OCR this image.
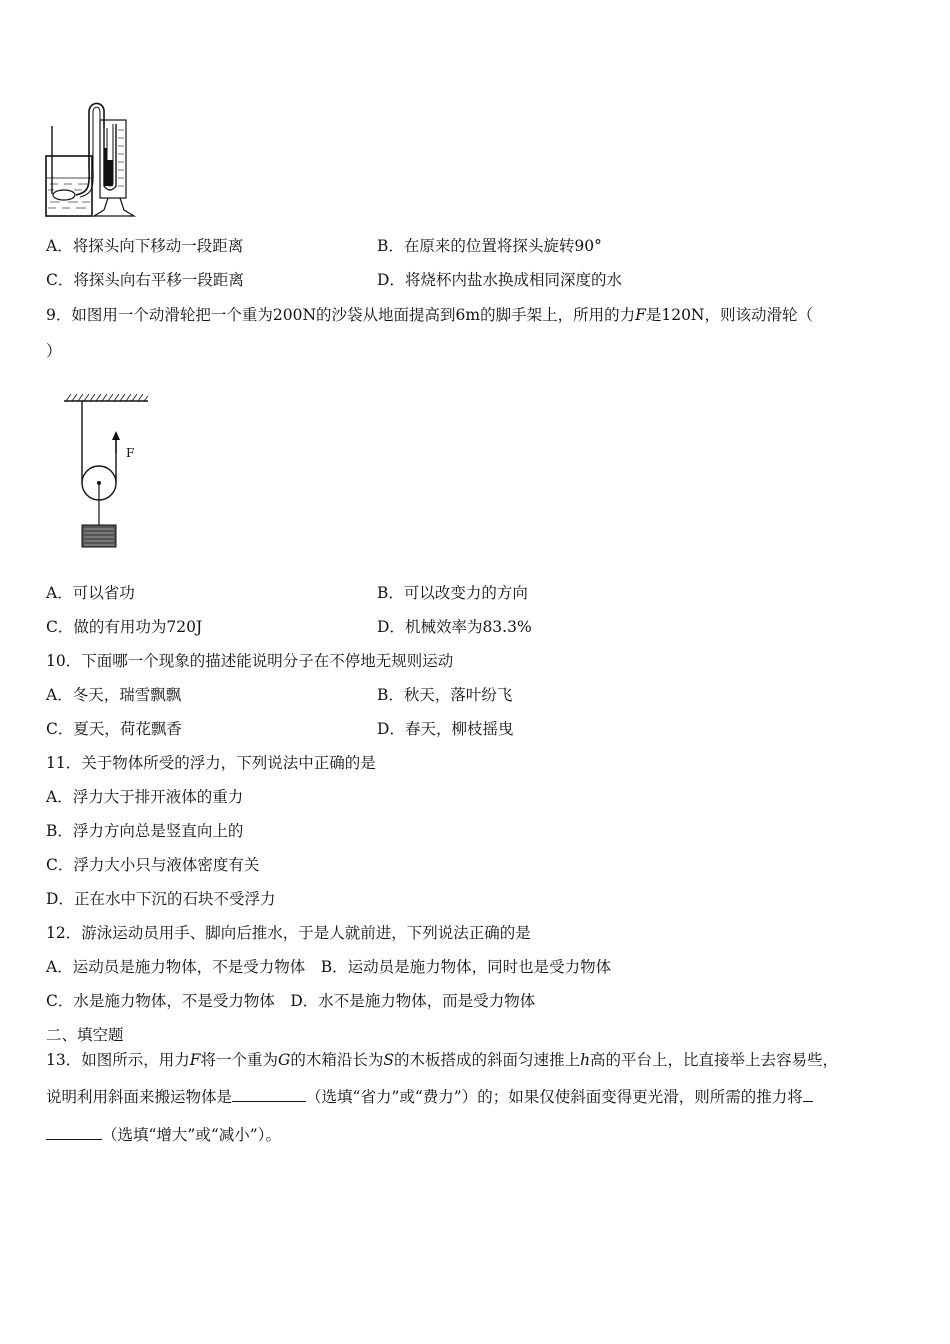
A．将探头向下移动一段距离	B．在原来的位置将探头旋转90°
C．将探头向右平移一段距离	D．将烧杯内盐水换成相同深度的水
9．如图用一个动滑轮把一个重为200N的沙袋从地面提高到6m的脚手架上，所用的力F是120N，则该动滑轮（
）
F
A．可以省功	B．可以改变力的方向
C．做的有用功为720J	D．机械效率为83.3%
10．下面哪一个现象的描述能说明分子在不停地无规则运动
A．冬天，瑞雪飘飘	B．秋天，落叶纷飞
C．夏天，荷花飘香	D．春天，柳枝摇曳
11．关于物体所受的浮力，下列说法中正确的是
A．浮力大于排开液体的重力
B．浮力方向总是竖直向上的
C．浮力大小只与液体密度有关
D．正在水中下沉的石块不受浮力
12．游泳运动员用手、脚向后推水，于是人就前进，下列说法正确的是
A．运动员是施力物体，不是受力物体　B．运动员是施力物体，同时也是受力物体
C．水是施力物体，不是受力物体　D．水不是施力物体，而是受力物体
二、填空题
13．如图所示，用力F将一个重为G的木箱沿长为S的木板搭成的斜面匀速推上h高的平台上，比直接举上去容易些，
说明利用斜面来搬运物体是	（选填“省力”或“费力”）的；如果仅使斜面变得更光滑，则所需的推力将
（选填“增大”或“减小”）。
